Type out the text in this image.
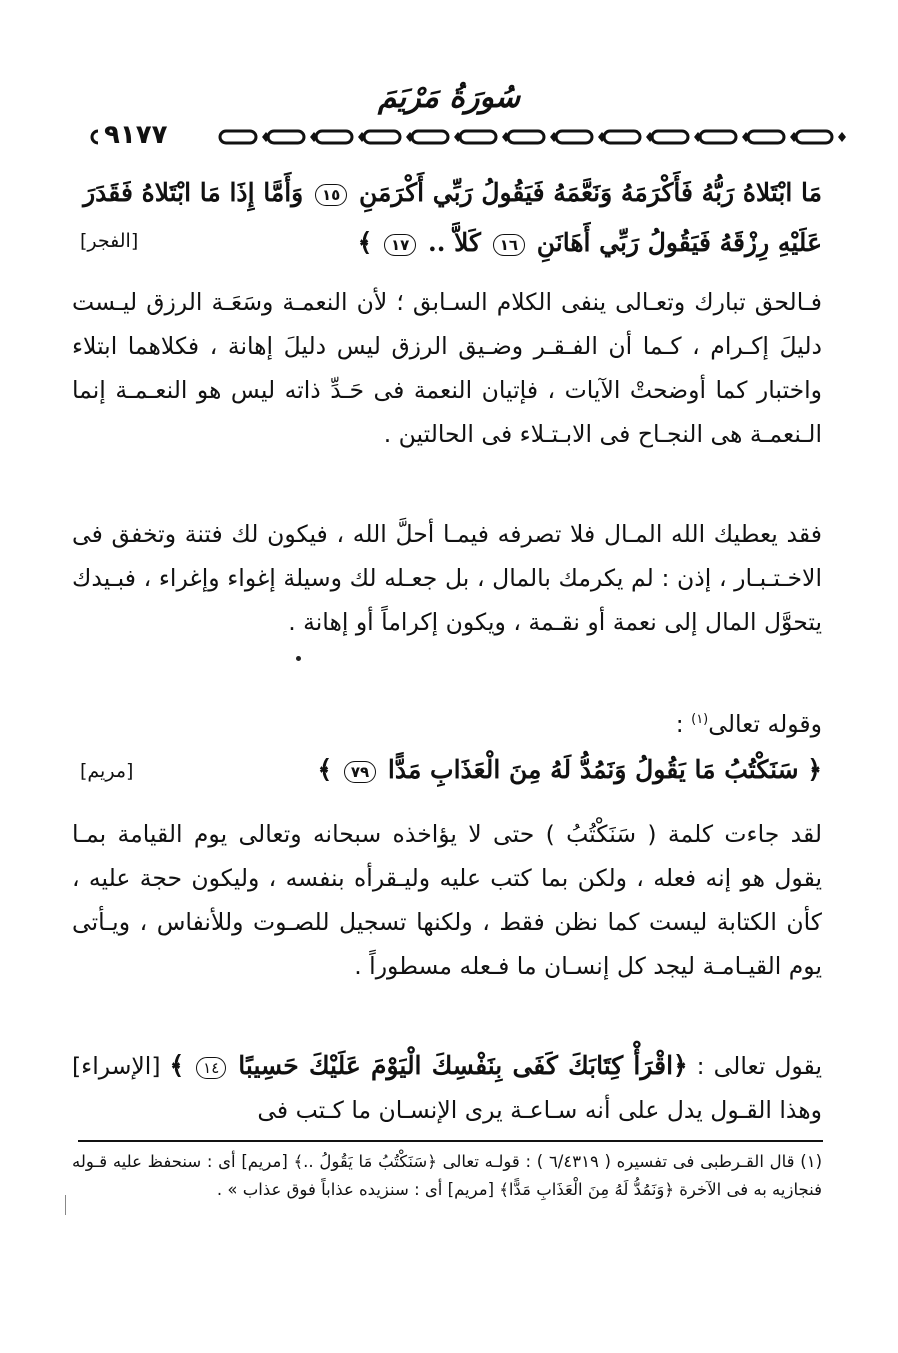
سُورَةُ مَرْيَمَ
٩١٧٧
مَا ابْتَلاهُ رَبُّهُ فَأَكْرَمَهُ وَنَعَّمَهُ فَيَقُولُ رَبِّي أَكْرَمَنِ ١٥ وَأَمَّا إِذَا مَا ابْتَلاهُ فَقَدَرَ
عَلَيْهِ رِزْقَهُ فَيَقُولُ رَبِّي أَهَانَنِ ١٦ كَلاَّ .. ١٧ ﴾
[الفجر]
فـالحق تبارك وتعـالى ينفى الكلام السـابق ؛ لأن النعمـة وسَعَـة الرزق ليـست دليلَ إكـرام ، كـما أن الفـقـر وضـيق الرزق ليس دليلَ إهانة ، فكلاهما ابتلاء واختبار كما أوضحتْ الآيات ، فإتيان النعمة فى حَـدِّ ذاته ليس هو النعـمـة إنما الـنعمـة هى النجـاح فى الابـتـلاء فى الحالتين .
فقد يعطيك الله المـال فلا تصرفه فيمـا أحلَّ الله ، فيكون لك فتنة وتخفق فى الاخـتـبـار ، إذن : لم يكرمك بالمال ، بل جعـله لك وسيلة إغواء وإغراء ، فبـيدك يتحوَّل المال إلى نعمة أو نقـمة ، ويكون إكراماً أو إهانة .
وقوله تعالى$^{(١)}$ :
﴿ سَنَكْتُبُ مَا يَقُولُ وَنَمُدُّ لَهُ مِنَ الْعَذَابِ مَدًّا ٧٩ ﴾
[مريم]
لقد جاءت كلمة ( سَنَكْتُبُ ) حتى لا يؤاخذه سبحانه وتعالى يوم القيامة بمـا يقول هو إنه فعله ، ولكن بما كتب عليه وليـقرأه بنفسه ، وليكون حجة عليه ، كأن الكتابة ليست كما نظن فقط ، ولكنها تسجيل للصـوت وللأنفاس ، ويـأتى يوم القيـامـة ليجد كل إنسـان ما فـعله مسطوراً .
يقول تعالى : ﴿اقْرَأْ كِتَابَكَ كَفَى بِنَفْسِكَ الْيَوْمَ عَلَيْكَ حَسِيبًا ١٤ ﴾ [الإسراء] وهذا القـول يدل على أنه سـاعـة يرى الإنسـان ما كـتب فى
(١) قال القـرطبى فى تفسيره ( ٦/٤٣١٩ ) : قولـه تعالى ﴿سَنَكْتُبُ مَا يَقُولُ ..﴾ [مريم] أى : سنحفظ عليه قـوله فنجازيه به فى الآخرة ﴿وَنَمُدُّ لَهُ مِنَ الْعَذَابِ مَدًّا﴾ [مريم] أى : سنزيده عذاباً فوق عذاب » .
